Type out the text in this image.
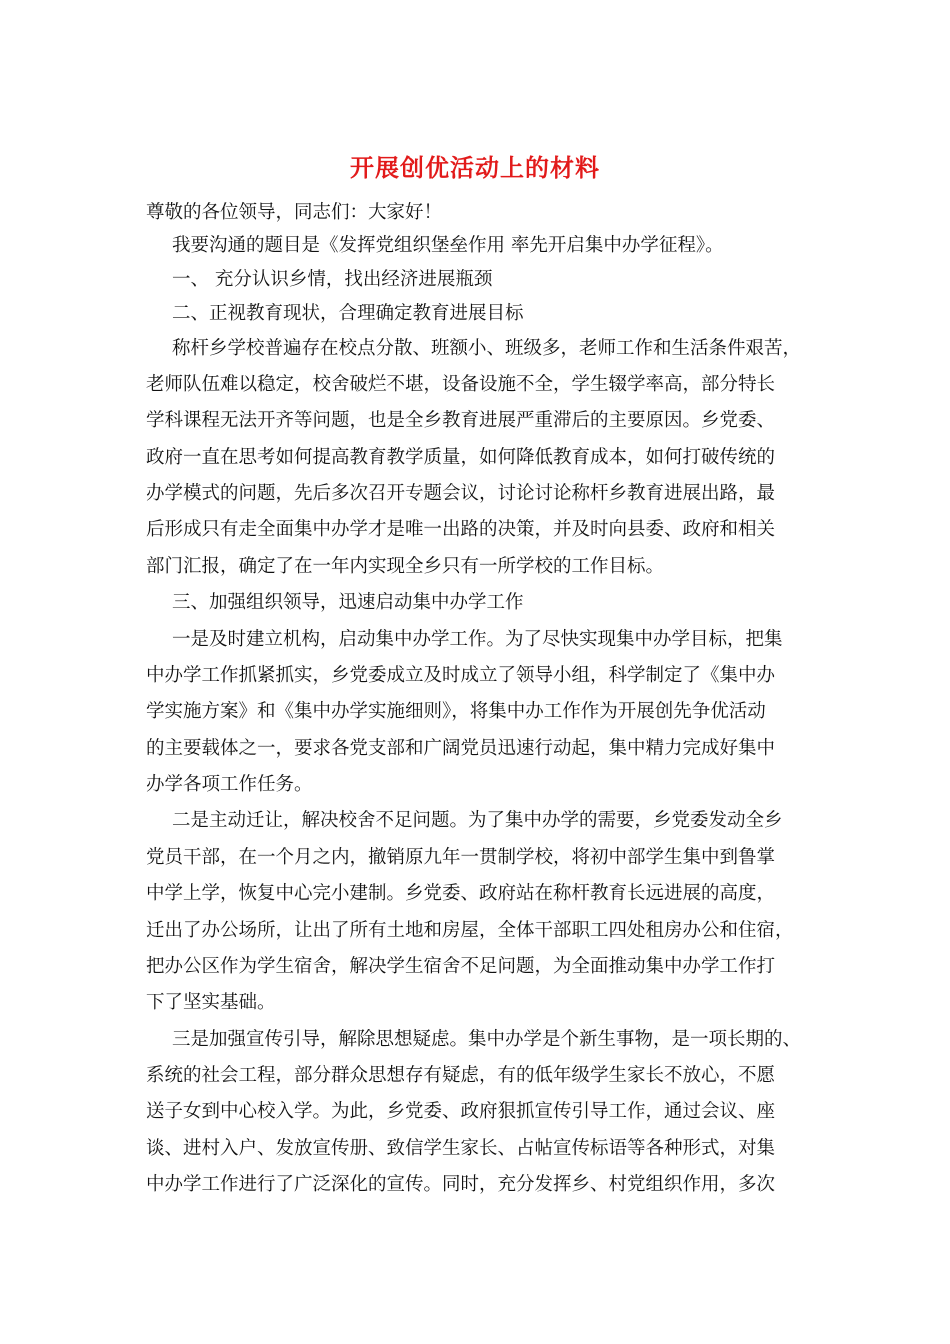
开展创优活动上的材料

尊敬的各位领导，同志们：大家好！

我要沟通的题目是《发挥党组织堡垒作用 率先开启集中办学征程》。

一、 充分认识乡情，找出经济进展瓶颈

二、正视教育现状，合理确定教育进展目标

称杆乡学校普遍存在校点分散、班额小、班级多，老师工作和生活条件艰苦，

老师队伍难以稳定，校舍破烂不堪，设备设施不全，学生辍学率高，部分特长

学科课程无法开齐等问题，也是全乡教育进展严重滞后的主要原因。乡党委、

政府一直在思考如何提高教育教学质量，如何降低教育成本，如何打破传统的

办学模式的问题，先后多次召开专题会议，讨论讨论称杆乡教育进展出路，最

后形成只有走全面集中办学才是唯一出路的决策，并及时向县委、政府和相关

部门汇报，确定了在一年内实现全乡只有一所学校的工作目标。

三、加强组织领导，迅速启动集中办学工作

一是及时建立机构，启动集中办学工作。为了尽快实现集中办学目标，把集

中办学工作抓紧抓实，乡党委成立及时成立了领导小组，科学制定了《集中办

学实施方案》和《集中办学实施细则》，将集中办工作作为开展创先争优活动

的主要载体之一，要求各党支部和广阔党员迅速行动起，集中精力完成好集中

办学各项工作任务。

二是主动迁让，解决校舍不足问题。为了集中办学的需要，乡党委发动全乡

党员干部，在一个月之内，撤销原九年一贯制学校，将初中部学生集中到鲁掌

中学上学，恢复中心完小建制。乡党委、政府站在称杆教育长远进展的高度，

迁出了办公场所，让出了所有土地和房屋，全体干部职工四处租房办公和住宿，

把办公区作为学生宿舍，解决学生宿舍不足问题，为全面推动集中办学工作打

下了坚实基础。

三是加强宣传引导，解除思想疑虑。集中办学是个新生事物，是一项长期的、

系统的社会工程，部分群众思想存有疑虑，有的低年级学生家长不放心，不愿

送子女到中心校入学。为此，乡党委、政府狠抓宣传引导工作，通过会议、座

谈、进村入户、发放宣传册、致信学生家长、占帖宣传标语等各种形式，对集

中办学工作进行了广泛深化的宣传。同时，充分发挥乡、村党组织作用，多次
